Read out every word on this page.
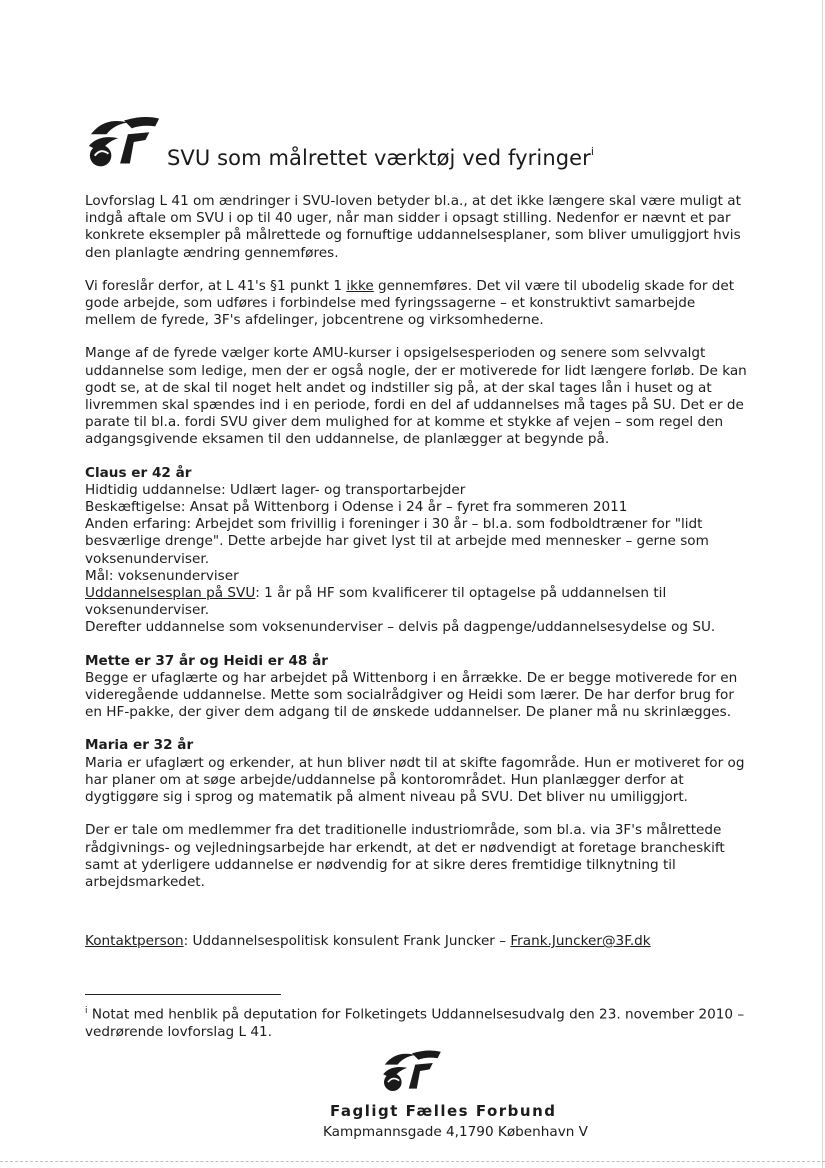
SVU som målrettet værktøj ved fyringer$^i$

Lovforslag L 41 om ændringer i SVU-loven betyder bl.a., at det ikke længere skal være muligt at indgå aftale om SVU i op til 40 uger, når man sidder i opsagt stilling. Nedenfor er nævnt et par konkrete eksempler på målrettede og fornuftige uddannelsesplaner, som bliver umuliggjort hvis den planlagte ændring gennemføres.

Vi foreslår derfor, at L 41's §1 punkt 1 ikke gennemføres. Det vil være til ubodelig skade for det gode arbejde, som udføres i forbindelse med fyringssagerne – et konstruktivt samarbejde mellem de fyrede, 3F's afdelinger, jobcentrene og virksomhederne.

Mange af de fyrede vælger korte AMU-kurser i opsigelsesperioden og senere som selvvalgt uddannelse som ledige, men der er også nogle, der er motiverede for lidt længere forløb. De kan godt se, at de skal til noget helt andet og indstiller sig på, at der skal tages lån i huset og at livremmen skal spændes ind i en periode, fordi en del af uddannelses må tages på SU. Det er de parate til bl.a. fordi SVU giver dem mulighed for at komme et stykke af vejen – som regel den adgangsgivende eksamen til den uddannelse, de planlægger at begynde på.

Claus er 42 år
Hidtidig uddannelse: Udlært lager- og transportarbejder
Beskæftigelse: Ansat på Wittenborg i Odense i 24 år – fyret fra sommeren 2011
Anden erfaring: Arbejdet som frivillig i foreninger i 30 år – bl.a. som fodboldtræner for "lidt besværlige drenge". Dette arbejde har givet lyst til at arbejde med mennesker – gerne som voksenunderviser.
Mål: voksenunderviser
Uddannelsesplan på SVU: 1 år på HF som kvalificerer til optagelse på uddannelsen til voksenunderviser.
Derefter uddannelse som voksenunderviser – delvis på dagpenge/uddannelsesydelse og SU.
Mette er 37 år og Heidi er 48 år
Begge er ufaglærte og har arbejdet på Wittenborg i en årrække. De er begge motiverede for en videregående uddannelse. Mette som socialrådgiver og Heidi som lærer. De har derfor brug for en HF-pakke, der giver dem adgang til de ønskede uddannelser. De planer må nu skrinlægges.
Maria er 32 år
Maria er ufaglært og erkender, at hun bliver nødt til at skifte fagområde. Hun er motiveret for og har planer om at søge arbejde/uddannelse på kontorområdet. Hun planlægger derfor at dygtiggøre sig i sprog og matematik på alment niveau på SVU. Det bliver nu umiliggjort.

Der er tale om medlemmer fra det traditionelle industriområde, som bl.a. via 3F's målrettede rådgivnings- og vejledningsarbejde har erkendt, at det er nødvendigt at foretage brancheskift samt at yderligere uddannelse er nødvendig for at sikre deres fremtidige tilknytning til arbejdsmarkedet.

Kontaktperson: Uddannelsespolitisk konsulent Frank Juncker – Frank.Juncker@3F.dk
$^i$ Notat med henblik på deputation for Folketingets Uddannelsesudvalg den 23. november 2010 – vedrørende lovforslag L 41.
Fagligt Fælles Forbund
Kampmannsgade 4,1790 København V
